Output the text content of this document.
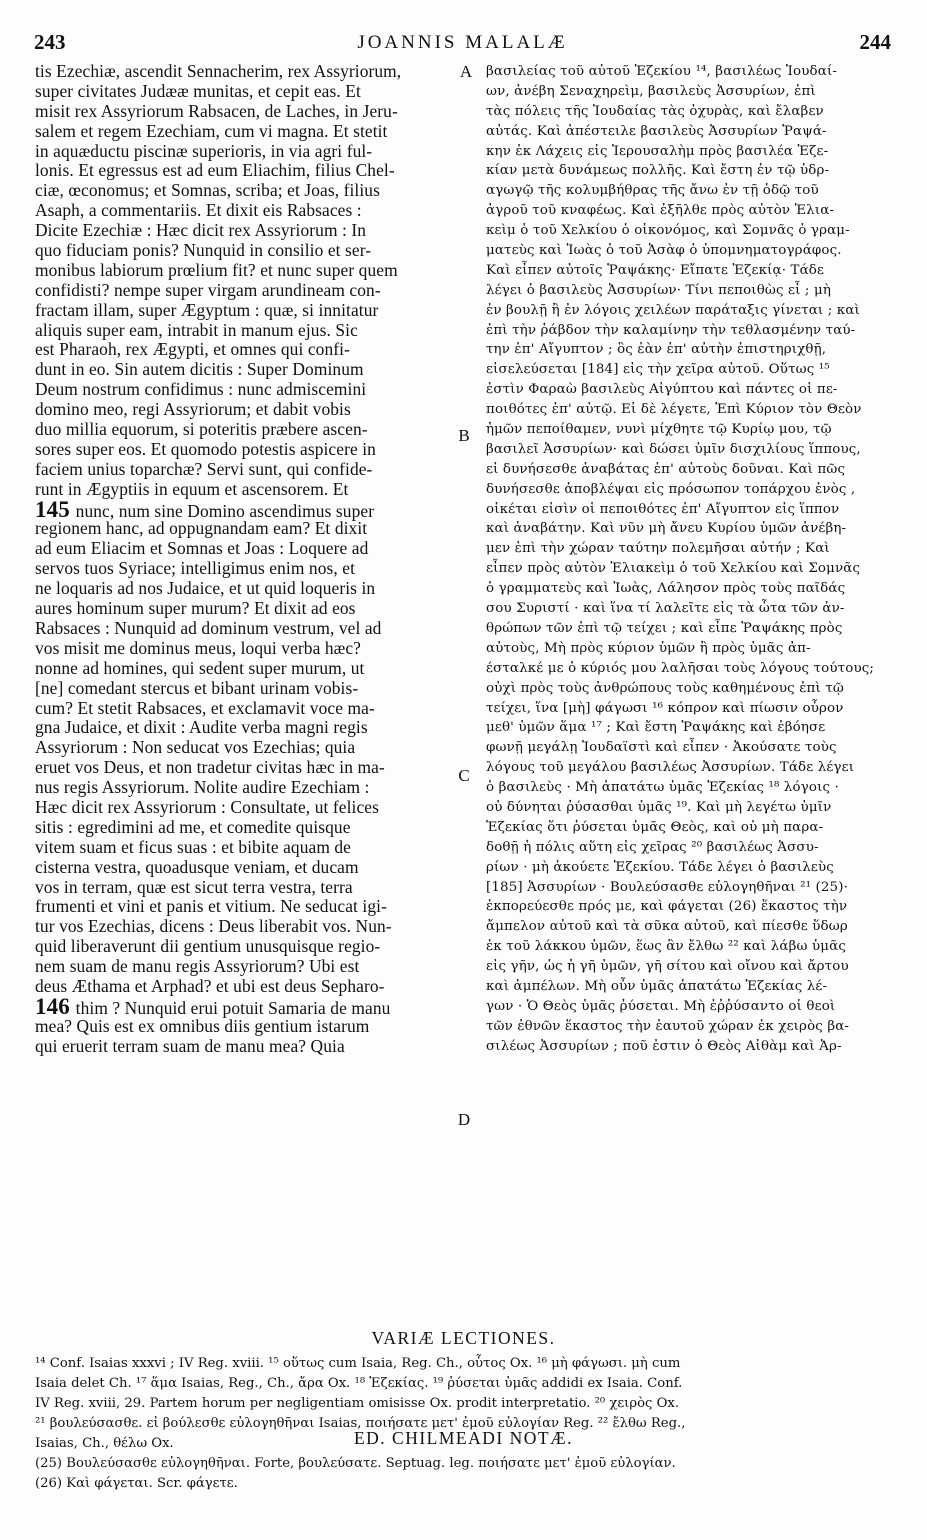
243	JOANNIS MALALÆ	244
tis Ezechiæ, ascendit Sennacherim, rex Assyriorum,
super civitates Judææ munitas, et cepit eas. Et
misit rex Assyriorum Rabsacen, de Laches, in Jeru-
salem et regem Ezechiam, cum vi magna. Et stetit
in aquæductu piscinæ superioris, in via agri ful-
lonis. Et egressus est ad eum Eliachim, filius Chel-
ciæ, œconomus; et Somnas, scriba; et Joas, filius
Asaph, a commentariis. Et dixit eis Rabsaces :
Dicite Ezechiæ : Hæc dicit rex Assyriorum : In
quo fiduciam ponis? Nunquid in consilio et ser-
monibus labiorum prœlium fit? et nunc super quem
confidisti? nempe super virgam arundineam con-
fractam illam, super Ægyptum : quæ, si innitatur
aliquis super eam, intrabit in manum ejus. Sic
est Pharaoh, rex Ægypti, et omnes qui confi-
dunt in eo. Sin autem dicitis : Super Dominum
Deum nostrum confidimus : nunc admiscemini
domino meo, regi Assyriorum; et dabit vobis
duo millia equorum, si poteritis præbere ascen-
sores super eos. Et quomodo potestis aspicere in
faciem unius toparchæ? Servi sunt, qui confide-
runt in Ægyptiis in equum et ascensorem. Et
145 nunc, num sine Domino ascendimus super
regionem hanc, ad oppugnandam eam? Et dixit
ad eum Eliacim et Somnas et Joas : Loquere ad
servos tuos Syriace; intelligimus enim nos, et
ne loquaris ad nos Judaice, et ut quid loqueris in
aures hominum super murum? Et dixit ad eos
Rabsaces : Nunquid ad dominum vestrum, vel ad
vos misit me dominus meus, loqui verba hæc?
nonne ad homines, qui sedent super murum, ut
[ne] comedant stercus et bibant urinam vobis-
cum? Et stetit Rabsaces, et exclamavit voce ma-
gna Judaice, et dixit : Audite verba magni regis
Assyriorum : Non seducat vos Ezechias; quia
eruet vos Deus, et non tradetur civitas hæc in ma-
nus regis Assyriorum. Nolite audire Ezechiam :
Hæc dicit rex Assyriorum : Consultate, ut felices
sitis : egredimini ad me, et comedite quisque
vitem suam et ficus suas : et bibite aquam de
cisterna vestra, quoadusque veniam, et ducam
vos in terram, quæ est sicut terra vestra, terra
frumenti et vini et panis et vitium. Ne seducat igi-
tur vos Ezechias, dicens : Deus liberabit vos. Nun-
quid liberaverunt dii gentium unusquisque regio-
nem suam de manu regis Assyriorum? Ubi est
deus Æthama et Arphad? et ubi est deus Sepharo-
146 thim ? Nunquid erui potuit Samaria de manu
mea? Quis est ex omnibus diis gentium istarum
qui eruerit terram suam de manu mea? Quia
A
B
C
D
βασιλείας τοῦ αὐτοῦ Ἐζεκίου ¹⁴, βασιλέως Ἰουδαί-
ων, ἀνέβη Σεναχηρεὶμ, βασιλεὺς Ἀσσυρίων, ἐπὶ
τὰς πόλεις τῆς Ἰουδαίας τὰς ὀχυρὰς, καὶ ἔλαβεν
αὐτάς. Καὶ ἀπέστειλε βασιλεὺς Ἀσσυρίων Ῥαψά-
κην ἐκ Λάχεις εἰς Ἱερουσαλὴμ πρὸς βασιλέα Ἐζε-
κίαν μετὰ δυνάμεως πολλῆς. Καὶ ἔστη ἐν τῷ ὑδρ-
αγωγῷ τῆς κολυμβήθρας τῆς ἄνω ἐν τῇ ὁδῷ τοῦ
ἀγροῦ τοῦ κναφέως. Καὶ ἐξῆλθε πρὸς αὐτὸν Ἐλια-
κεὶμ ὁ τοῦ Χελκίου ὁ οἰκονόμος, καὶ Σομνᾶς ὁ γραμ-
ματεὺς καὶ Ἰωὰς ὁ τοῦ Ἀσὰφ ὁ ὑπομνηματογράφος.
Καὶ εἶπεν αὐτοῖς Ῥαψάκης· Εἴπατε Ἐζεκίᾳ· Τάδε
λέγει ὁ βασιλεὺς Ἀσσυρίων· Τίνι πεποιθὼς εἶ ; μὴ
ἐν βουλῇ ἢ ἐν λόγοις χειλέων παράταξις γίνεται ; καὶ
ἐπὶ τὴν ῥάβδον τὴν καλαμίνην τὴν τεθλασμένην ταύ-
την ἐπ' Αἴγυπτον ; ὃς ἐὰν ἐπ' αὐτὴν ἐπιστηριχθῇ,
εἰσελεύσεται [184] εἰς τὴν χεῖρα αὐτοῦ. Οὕτως ¹⁵
ἐστὶν Φαραὼ βασιλεὺς Αἰγύπτου καὶ πάντες οἱ πε-
ποιθότες ἐπ' αὐτῷ. Εἰ δὲ λέγετε, Ἐπὶ Κύριον τὸν Θεὸν
ἡμῶν πεποίθαμεν, νυνὶ μίχθητε τῷ Κυρίῳ μου, τῷ
βασιλεῖ Ἀσσυρίων· καὶ δώσει ὑμῖν δισχιλίους ἵππους,
εἰ δυνήσεσθε ἀναβάτας ἐπ' αὐτοὺς δοῦναι. Καὶ πῶς
δυνήσεσθε ἀποβλέψαι εἰς πρόσωπον τοπάρχου ἑνὸς ,
οἰκέται εἰσὶν οἱ πεποιθότες ἐπ' Αἴγυπτον εἰς ἵππον
καὶ ἀναβάτην. Καὶ νῦν μὴ ἄνευ Κυρίου ὑμῶν ἀνέβη-
μεν ἐπὶ τὴν χώραν ταύτην πολεμῆσαι αὐτήν ; Καὶ
εἶπεν πρὸς αὐτὸν Ἐλιακεὶμ ὁ τοῦ Χελκίου καὶ Σομνᾶς
ὁ γραμματεὺς καὶ Ἰωὰς, Λάλησον πρὸς τοὺς παῖδάς
σου Συριστί · καὶ ἵνα τί λαλεῖτε εἰς τὰ ὦτα τῶν ἀν-
θρώπων τῶν ἐπὶ τῷ τείχει ; καὶ εἶπε Ῥαψάκης πρὸς
αὐτοὺς, Μὴ πρὸς κύριον ὑμῶν ἢ πρὸς ὑμᾶς ἀπ-
έσταλκέ με ὁ κύριός μου λαλῆσαι τοὺς λόγους τούτους;
οὐχὶ πρὸς τοὺς ἀνθρώπους τοὺς καθημένους ἐπὶ τῷ
τείχει, ἵνα [μὴ] φάγωσι ¹⁶ κόπρον καὶ πίωσιν οὖρον
μεθ' ὑμῶν ἅμα ¹⁷ ; Καὶ ἔστη Ῥαψάκης καὶ ἐβόησε
φωνῇ μεγάλῃ Ἰουδαϊστὶ καὶ εἶπεν · Ἀκούσατε τοὺς
λόγους τοῦ μεγάλου βασιλέως Ἀσσυρίων. Τάδε λέγει
ὁ βασιλεὺς · Μὴ ἀπατάτω ὑμᾶς Ἐζεκίας ¹⁸ λόγοις ·
οὐ δύνηται ῥύσασθαι ὑμᾶς ¹⁹. Καὶ μὴ λεγέτω ὑμῖν
Ἐζεκίας ὅτι ῥύσεται ὑμᾶς Θεὸς, καὶ οὐ μὴ παρα-
δοθῇ ἡ πόλις αὕτη εἰς χεῖρας ²⁰ βασιλέως Ἀσσυ-
ρίων · μὴ ἀκούετε Ἐζεκίου. Τάδε λέγει ὁ βασιλεὺς
[185] Ἀσσυρίων · Βουλεύσασθε εὐλογηθῆναι ²¹ (25)·
ἐκπορεύεσθε πρός με, καὶ φάγεται (26) ἕκαστος τὴν
ἄμπελον αὐτοῦ καὶ τὰ σῦκα αὐτοῦ, καὶ πίεσθε ὕδωρ
ἐκ τοῦ λάκκου ὑμῶν, ἕως ἂν ἔλθω ²² καὶ λάβω ὑμᾶς
εἰς γῆν, ὡς ἡ γῆ ὑμῶν, γῆ σίτου καὶ οἴνου καὶ ἄρτου
καὶ ἀμπέλων. Μὴ οὖν ὑμᾶς ἀπατάτω Ἐζεκίας λέ-
γων · Ὁ Θεὸς ὑμᾶς ῥύσεται. Μὴ ἐῤῥύσαντο οἱ θεοὶ
τῶν ἐθνῶν ἕκαστος τὴν ἑαυτοῦ χώραν ἐκ χειρὸς βα-
σιλέως Ἀσσυρίων ; ποῦ ἐστιν ὁ Θεὸς Αἰθὰμ καὶ Ἀρ-
VARIÆ LECTIONES.
¹⁴ Conf. Isaias xxxvi ; IV Reg. xviii. ¹⁵ οὕτως cum Isaia, Reg. Ch., οὗτος Ox. ¹⁶ μὴ φάγωσι. μὴ cum
Isaia delet Ch. ¹⁷ ἅμα Isaias, Reg., Ch., ἄρα Ox. ¹⁸ Ἐζεκίας. ¹⁹ ῥύσεται ὑμᾶς addidi ex Isaia. Conf.
IV Reg. xviii, 29. Partem horum per negligentiam omisisse Ox. prodit interpretatio. ²⁰ χειρὸς Ox.
²¹ βουλεύσασθε. εἰ βούλεσθε εὐλογηθῆναι Isaias, ποιήσατε μετ' ἐμοῦ εὐλογίαν Reg. ²² ἔλθω Reg.,
Isaias, Ch., θέλω Ox.	ED. CHILMEADI NOTÆ.
(25) Βουλεύσασθε εὐλογηθῆναι. Forte, βουλεύσατε. Septuag. leg. ποιήσατε μετ' ἐμοῦ εὐλογίαν.
(26) Καὶ φάγεται. Scr. φάγετε.
